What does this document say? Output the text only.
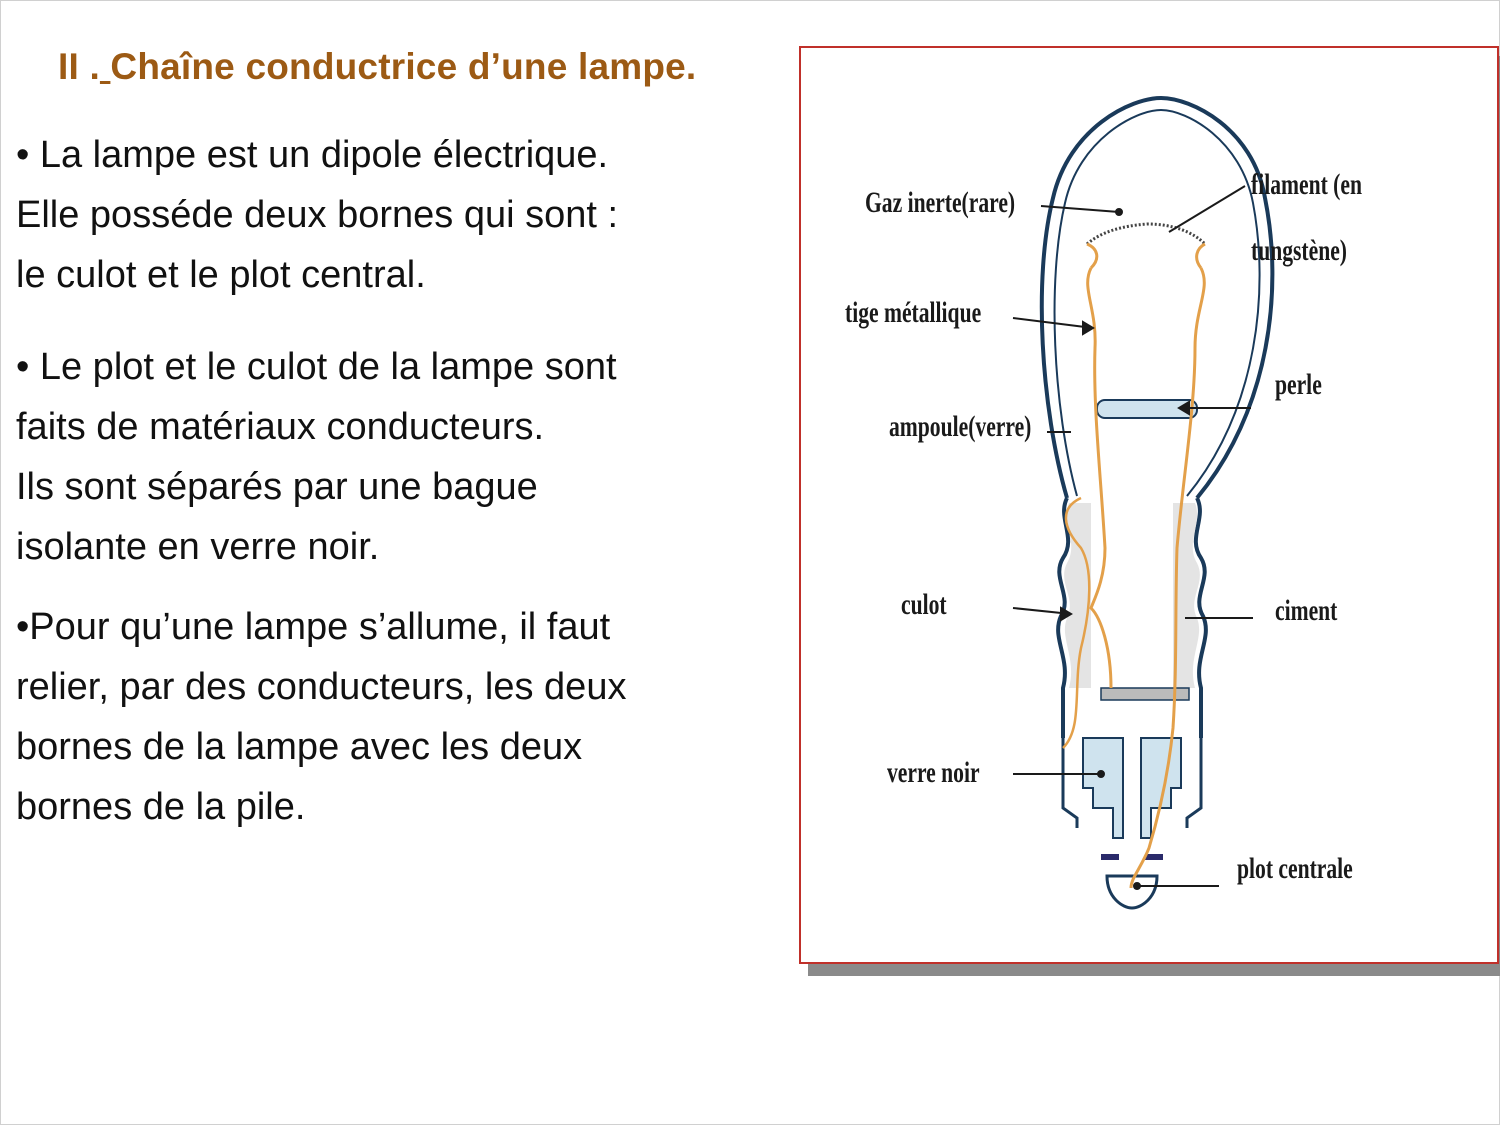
II . Chaîne conductrice d’une lampe.
• La lampe est un dipole électrique.
Elle posséde deux bornes qui sont :
le culot et le plot central.
• Le plot et le culot de la lampe sont
faits de matériaux conducteurs.
Ils sont séparés par une bague
isolante en verre noir.
•Pour qu’une lampe s’allume, il faut
relier, par des conducteurs, les deux
bornes de la lampe avec les deux
bornes de la pile.
Gaz inerte(rare)
filament (en
tungstène)
tige métallique
perle
ampoule(verre)
culot	ciment
verre noir
plot centrale
